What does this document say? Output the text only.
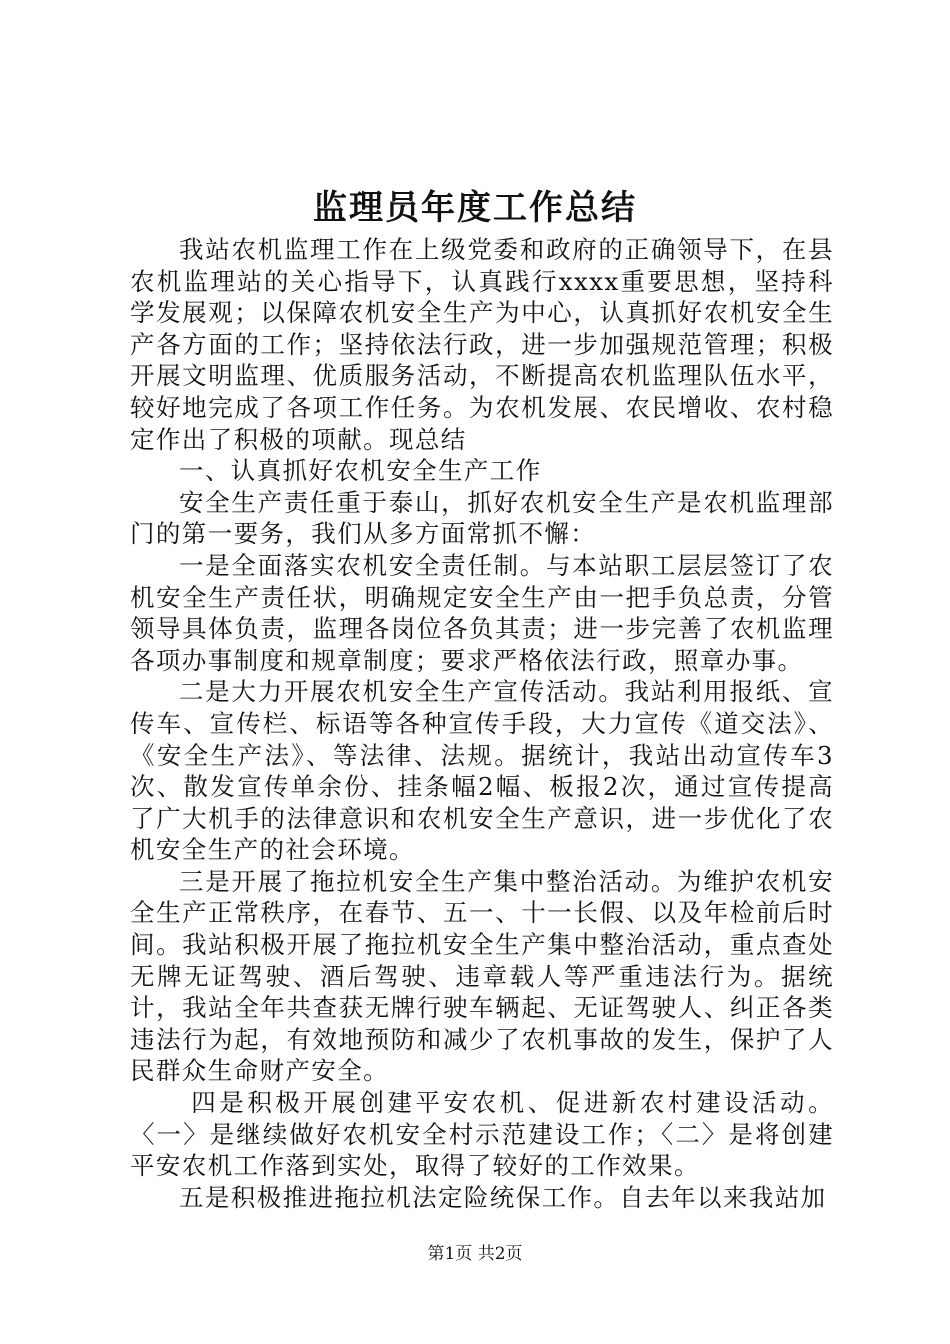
监理员年度工作总结

我站农机监理工作在上级党委和政府的正确领导下，在县农机监理站的关心指导下，认真践行xxxx重要思想，坚持科学发展观；以保障农机安全生产为中心，认真抓好农机安全生产各方面的工作；坚持依法行政，进一步加强规范管理；积极开展文明监理、优质服务活动，不断提高农机监理队伍水平，较好地完成了各项工作任务。为农机发展、农民增收、农村稳定作出了积极的项献。现总结

一、认真抓好农机安全生产工作

安全生产责任重于泰山，抓好农机安全生产是农机监理部门的第一要务，我们从多方面常抓不懈：

一是全面落实农机安全责任制。与本站职工层层签订了农机安全生产责任状，明确规定安全生产由一把手负总责，分管领导具体负责，监理各岗位各负其责；进一步完善了农机监理各项办事制度和规章制度；要求严格依法行政，照章办事。

二是大力开展农机安全生产宣传活动。我站利用报纸、宣传车、宣传栏、标语等各种宣传手段，大力宣传《道交法》、《安全生产法》、等法律、法规。据统计，我站出动宣传车3次、散发宣传单余份、挂条幅2幅、板报2次，通过宣传提高了广大机手的法律意识和农机安全生产意识，进一步优化了农机安全生产的社会环境。

三是开展了拖拉机安全生产集中整治活动。为维护农机安全生产正常秩序，在春节、五一、十一长假、以及年检前后时间。我站积极开展了拖拉机安全生产集中整治活动，重点查处无牌无证驾驶、酒后驾驶、违章载人等严重违法行为。据统计，我站全年共查获无牌行驶车辆起、无证驾驶人、纠正各类违法行为起，有效地预防和减少了农机事故的发生，保护了人民群众生命财产安全。

四是积极开展创建平安农机、促进新农村建设活动。〈一〉是继续做好农机安全村示范建设工作；〈二〉是将创建平安农机工作落到实处，取得了较好的工作效果。

五是积极推进拖拉机法定险统保工作。自去年以来我站加

第1页 共2页
